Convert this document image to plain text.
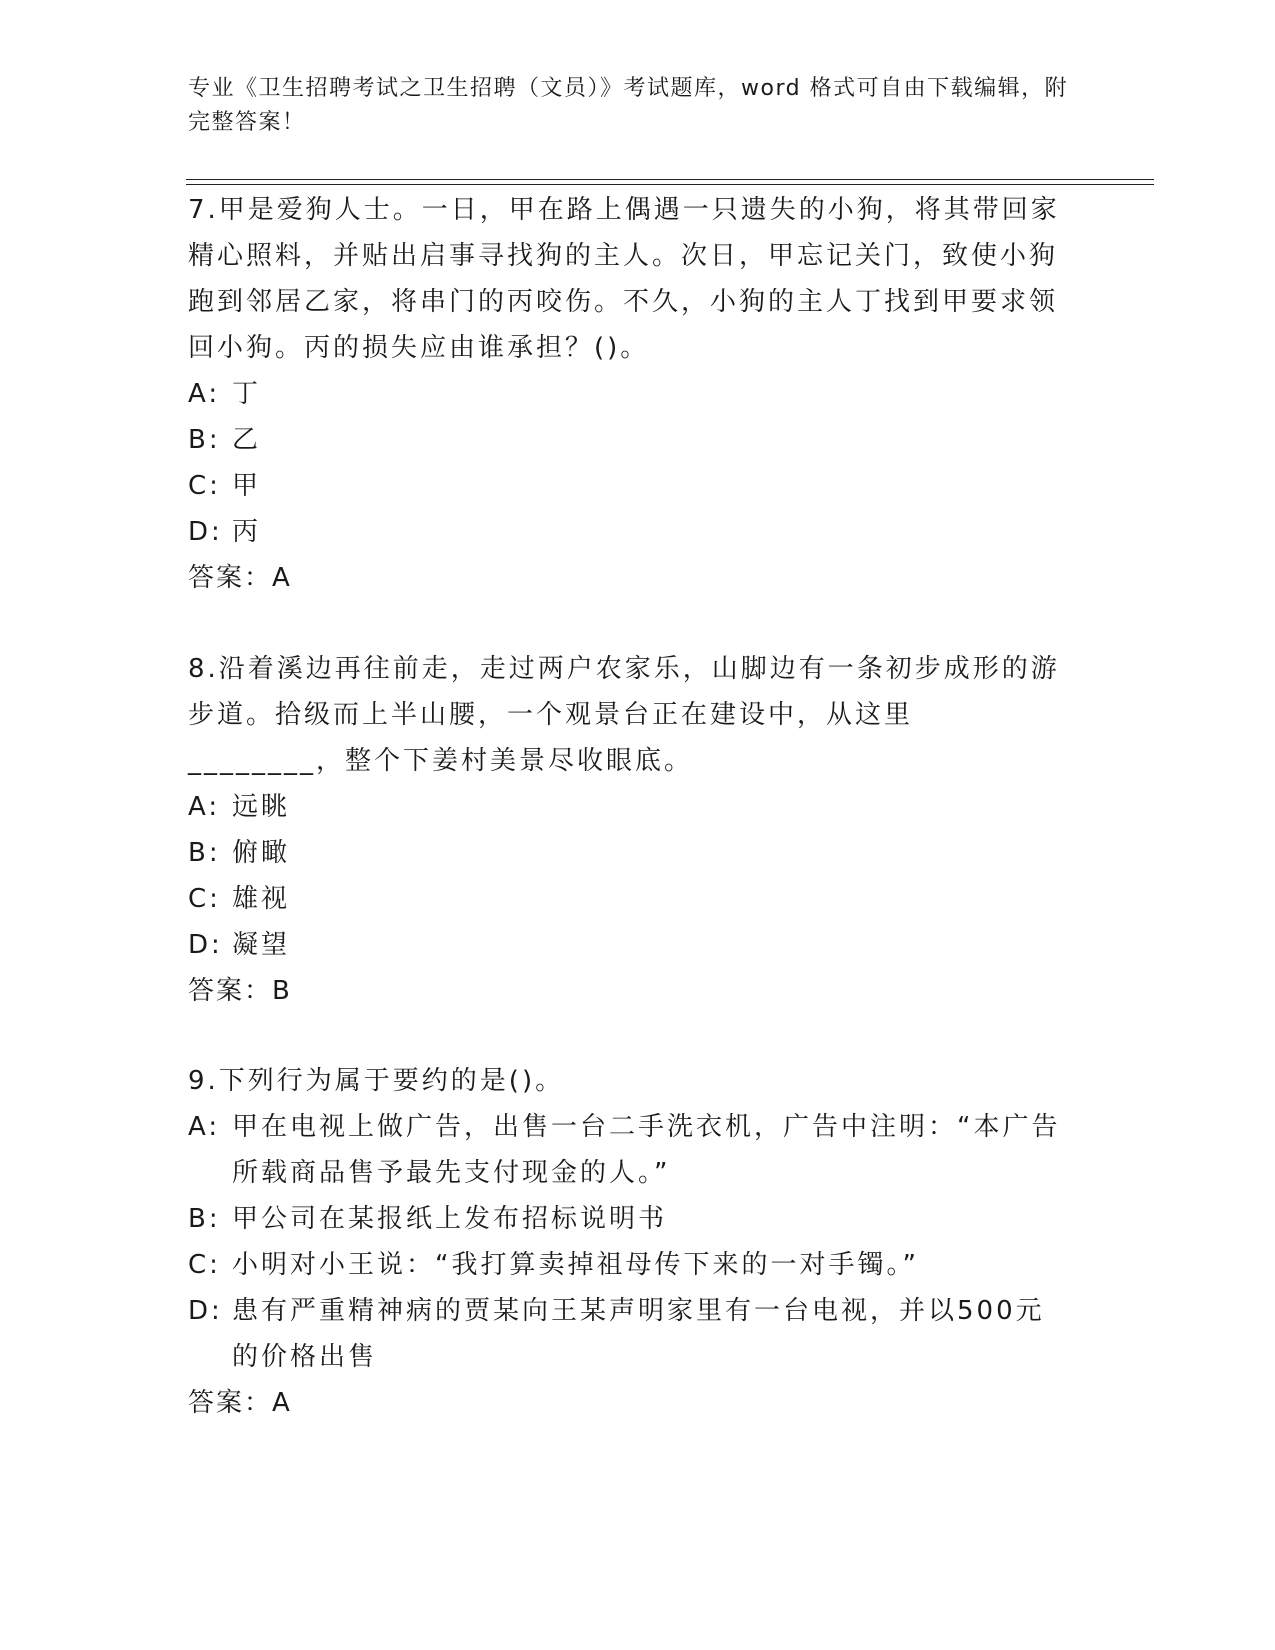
专业《卫生招聘考试之卫生招聘（文员）》考试题库，word 格式可自由下载编辑，附完整答案！

7.甲是爱狗人士。一日，甲在路上偶遇一只遗失的小狗，将其带回家精心照料，并贴出启事寻找狗的主人。次日，甲忘记关门，致使小狗跑到邻居乙家，将串门的丙咬伤。不久，小狗的主人丁找到甲要求领回小狗。丙的损失应由谁承担？()。

A: 丁

B: 乙

C: 甲

D: 丙

答案：A

8.沿着溪边再往前走，走过两户农家乐，山脚边有一条初步成形的游步道。拾级而上半山腰，一个观景台正在建设中，从这里________，整个下姜村美景尽收眼底。

A: 远眺

B: 俯瞰

C: 雄视

D: 凝望

答案：B

9.下列行为属于要约的是()。

A: 甲在电视上做广告，出售一台二手洗衣机，广告中注明：“本广告所载商品售予最先支付现金的人。”

B: 甲公司在某报纸上发布招标说明书

C: 小明对小王说：“我打算卖掉祖母传下来的一对手镯。”

D: 患有严重精神病的贾某向王某声明家里有一台电视，并以500元的价格出售

答案：A
